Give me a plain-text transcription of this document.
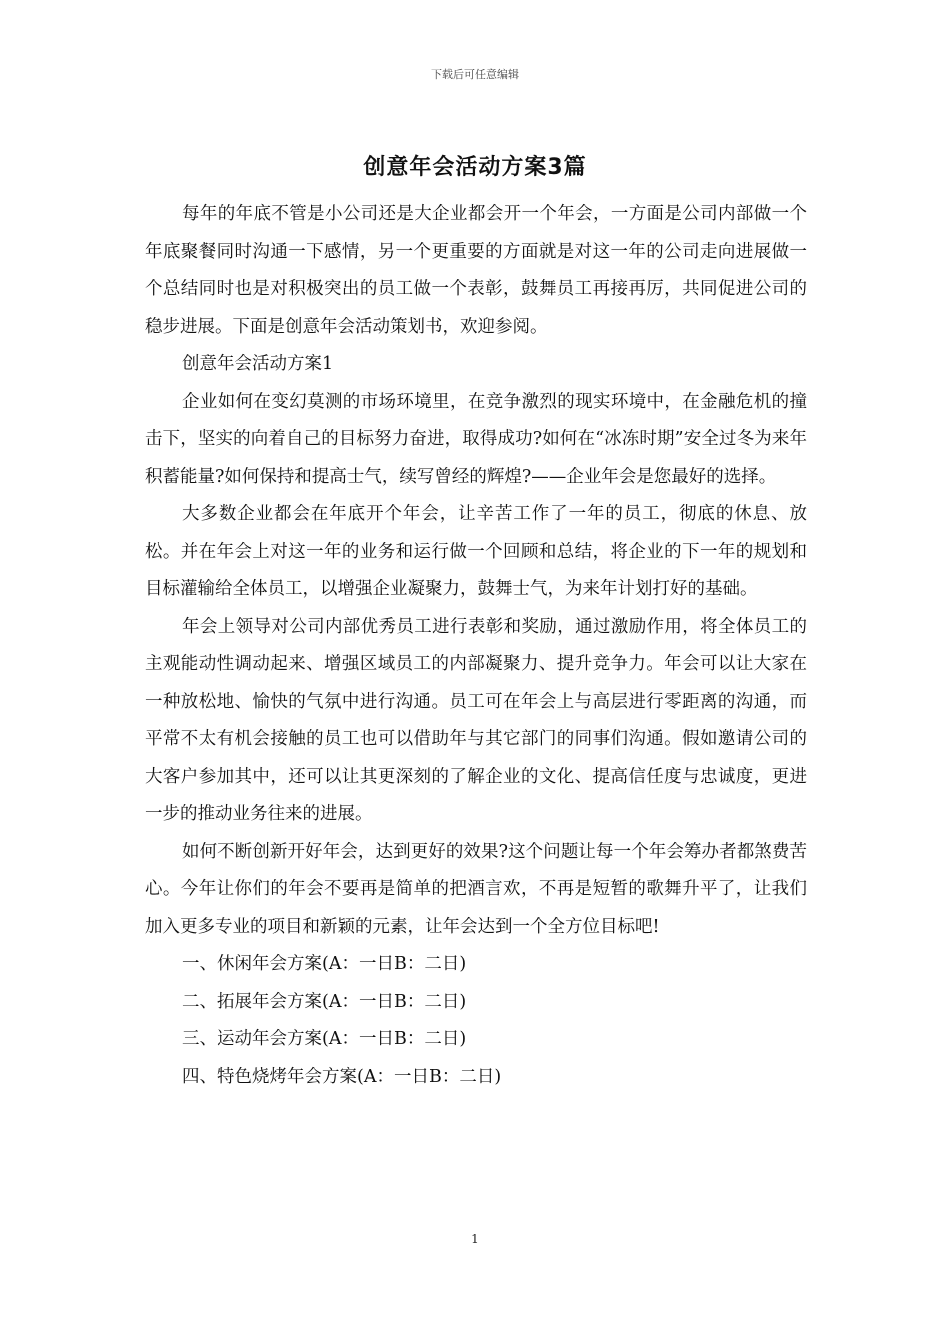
下载后可任意编辑
创意年会活动方案3篇

每年的年底不管是小公司还是大企业都会开一个年会，一方面是公司内部做一个年底聚餐同时沟通一下感情，另一个更重要的方面就是对这一年的公司走向进展做一个总结同时也是对积极突出的员工做一个表彰，鼓舞员工再接再厉，共同促进公司的稳步进展。下面是创意年会活动策划书，欢迎参阅。

创意年会活动方案1

企业如何在变幻莫测的市场环境里，在竞争激烈的现实环境中，在金融危机的撞击下，坚实的向着自己的目标努力奋进，取得成功?如何在“冰冻时期”安全过冬为来年积蓄能量?如何保持和提高士气，续写曾经的辉煌?——企业年会是您最好的选择。

大多数企业都会在年底开个年会，让辛苦工作了一年的员工，彻底的休息、放松。并在年会上对这一年的业务和运行做一个回顾和总结，将企业的下一年的规划和目标灌输给全体员工，以增强企业凝聚力，鼓舞士气，为来年计划打好的基础。

年会上领导对公司内部优秀员工进行表彰和奖励，通过激励作用，将全体员工的主观能动性调动起来、增强区域员工的内部凝聚力、提升竞争力。年会可以让大家在一种放松地、愉快的气氛中进行沟通。员工可在年会上与高层进行零距离的沟通，而平常不太有机会接触的员工也可以借助年与其它部门的同事们沟通。假如邀请公司的大客户参加其中，还可以让其更深刻的了解企业的文化、提高信任度与忠诚度，更进一步的推动业务往来的进展。

如何不断创新开好年会，达到更好的效果?这个问题让每一个年会筹办者都煞费苦心。今年让你们的年会不要再是简单的把酒言欢，不再是短暂的歌舞升平了，让我们加入更多专业的项目和新颖的元素，让年会达到一个全方位目标吧!

一、休闲年会方案(A：一日B：二日)

二、拓展年会方案(A：一日B：二日)

三、运动年会方案(A：一日B：二日)

四、特色烧烤年会方案(A：一日B：二日)

1
